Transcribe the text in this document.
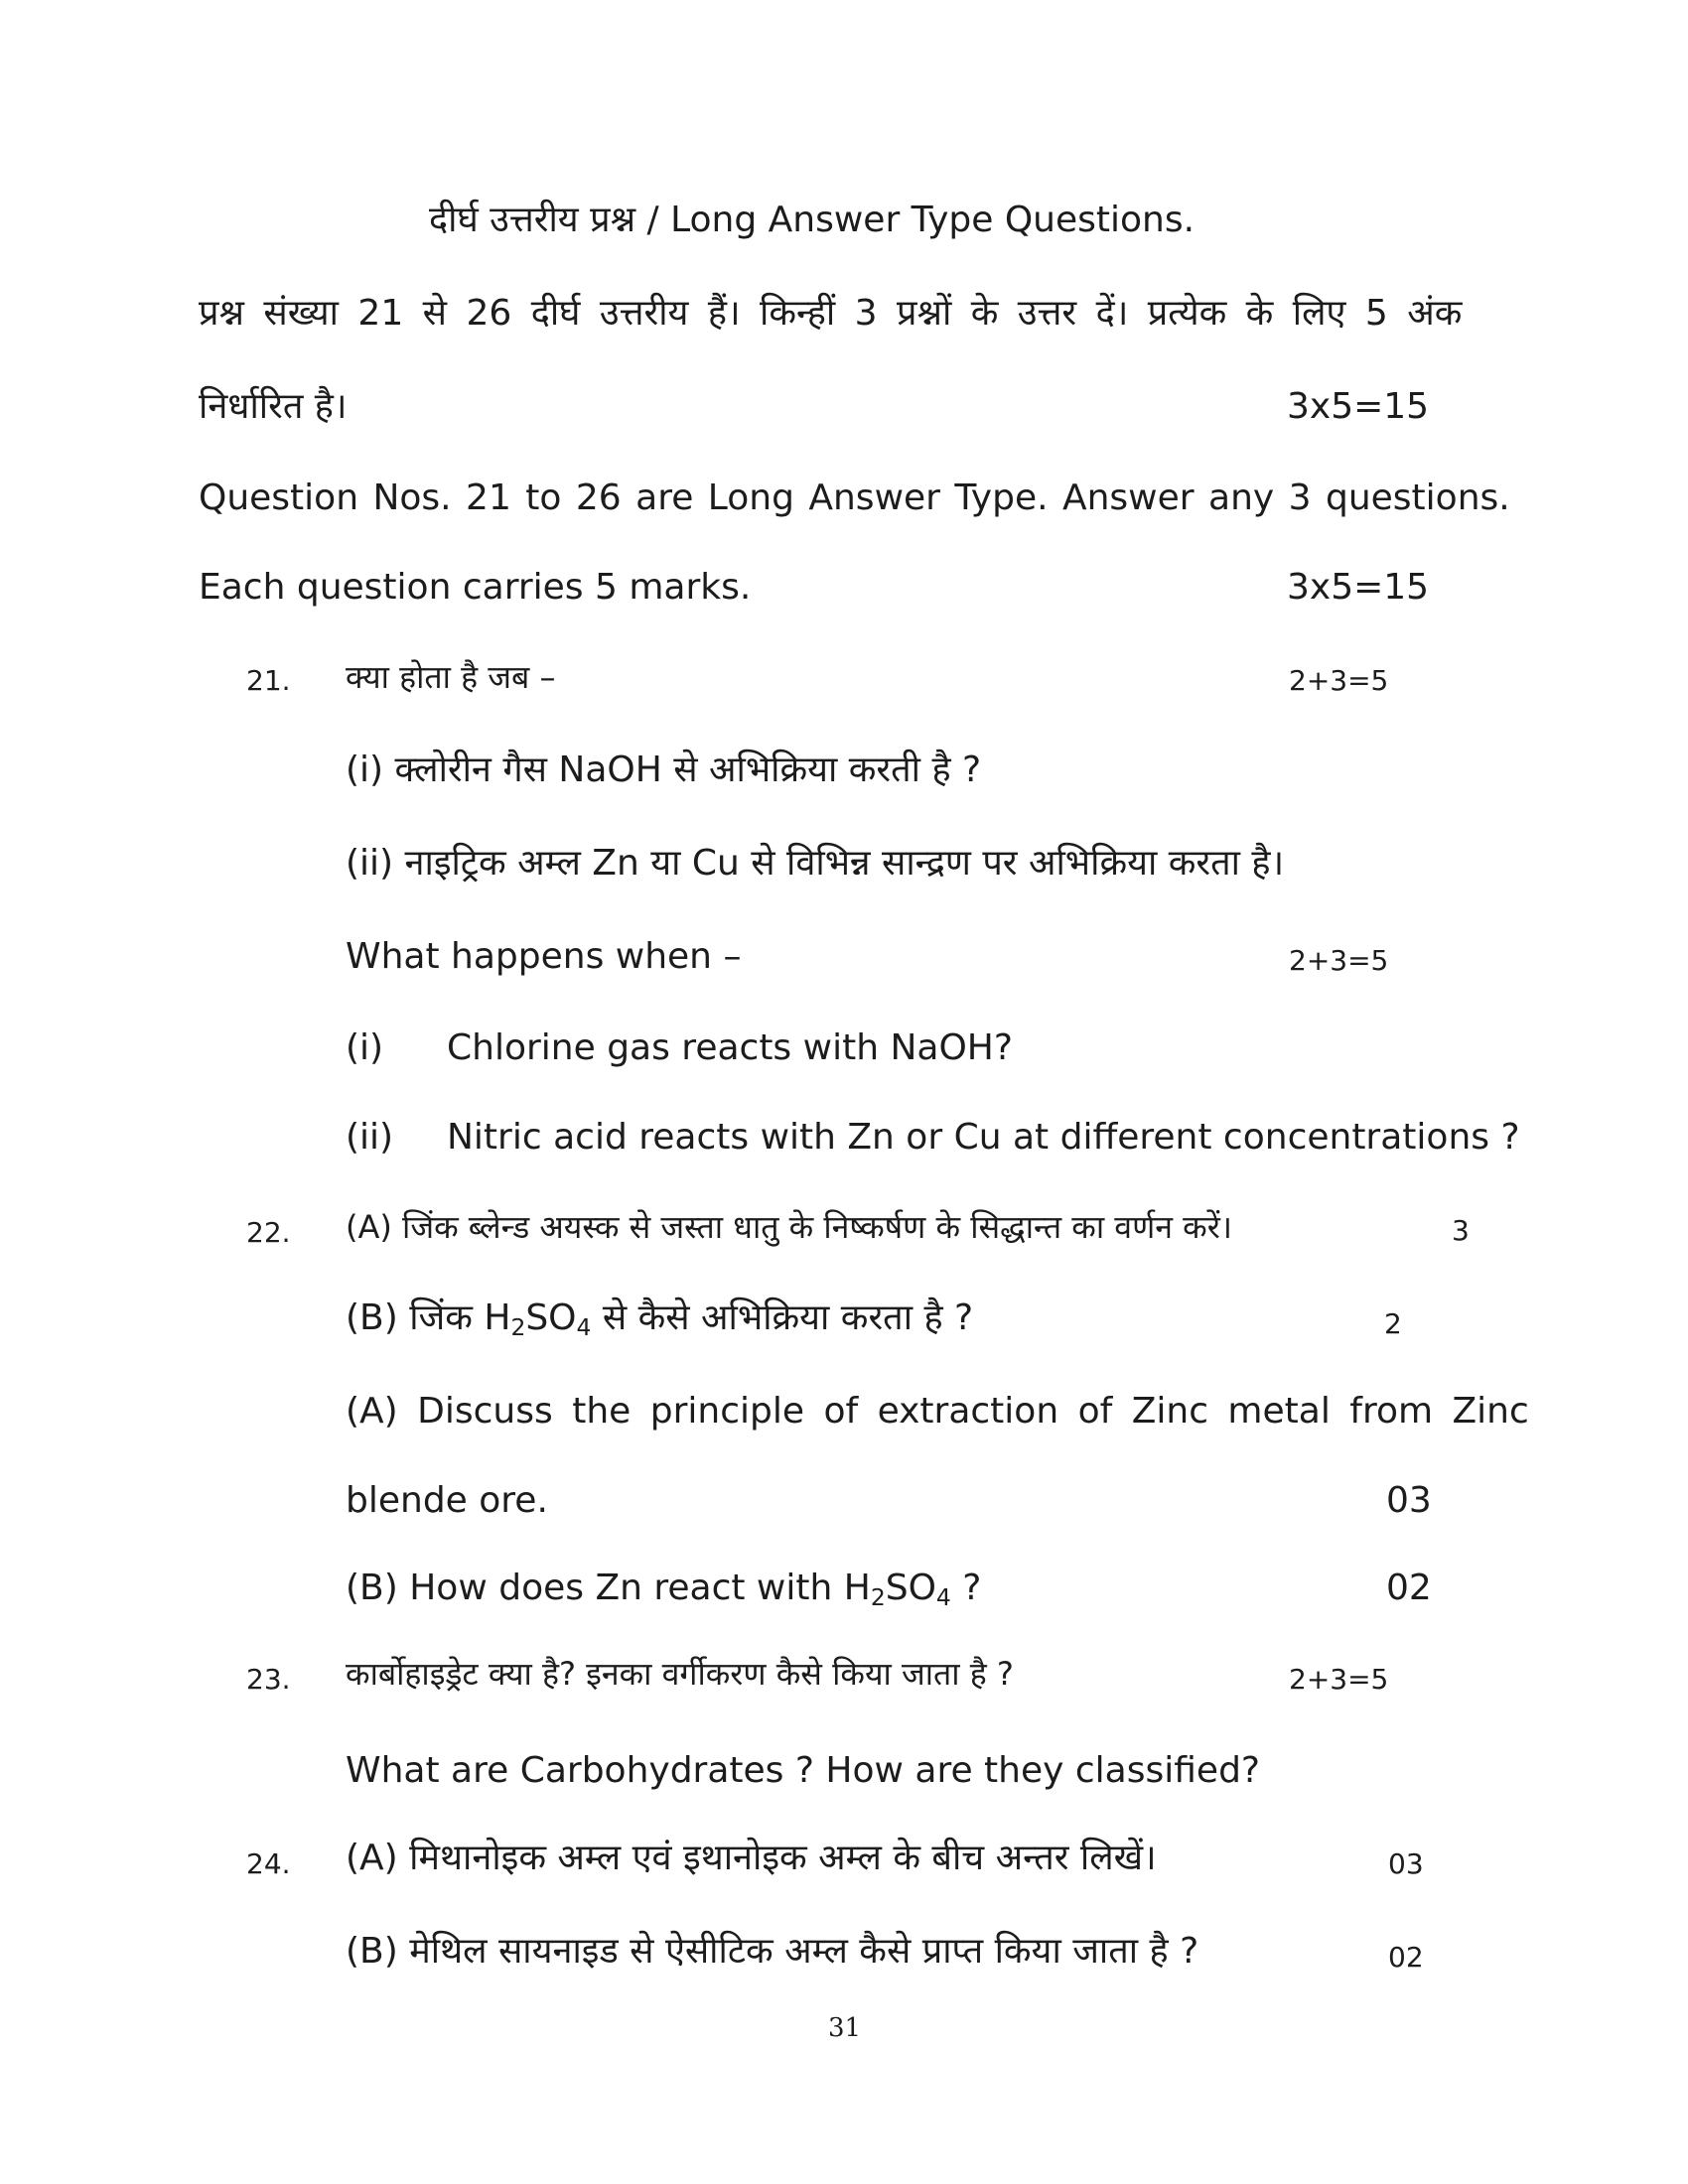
दीर्घ उत्तरीय प्रश्न / Long Answer Type Questions.
प्रश्न संख्या 21 से 26 दीर्घ उत्तरीय हैं। किन्हीं 3 प्रश्नों के उत्तर दें। प्रत्येक के लिए 5 अंक
निर्धारित है।	3x5=15
Question Nos. 21 to 26 are Long Answer Type. Answer any 3 questions.
Each question carries 5 marks.	3x5=15
21. क्या होता है जब –	2+3=5
(i) क्लोरीन गैस NaOH से अभिक्रिया करती है ?
(ii) नाइट्रिक अम्ल Zn या Cu से विभिन्न सान्द्रण पर अभिक्रिया करता है।
What happens when –	2+3=5
(i) Chlorine gas reacts with NaOH?
(ii) Nitric acid reacts with Zn or Cu at different concentrations ?
22. (A) जिंक ब्लेन्ड अयस्क से जस्ता धातु के निष्कर्षण के सिद्धान्त का वर्णन करें।	3
(B) जिंक $H_2SO_4$ से कैसे अभिक्रिया करता है ?	2
(A) Discuss the principle of extraction of Zinc metal from Zinc
blende ore.	03
(B) How does Zn react with $H_2SO_4$ ?	02
23. कार्बोहाइड्रेट क्या है? इनका वर्गीकरण कैसे किया जाता है ?	2+3=5
What are Carbohydrates ? How are they classified?
24. (A) मिथानोइक अम्ल एवं इथानोइक अम्ल के बीच अन्तर लिखें।	03
(B) मेथिल सायनाइड से ऐसीटिक अम्ल कैसे प्राप्त किया जाता है ?	02
31
